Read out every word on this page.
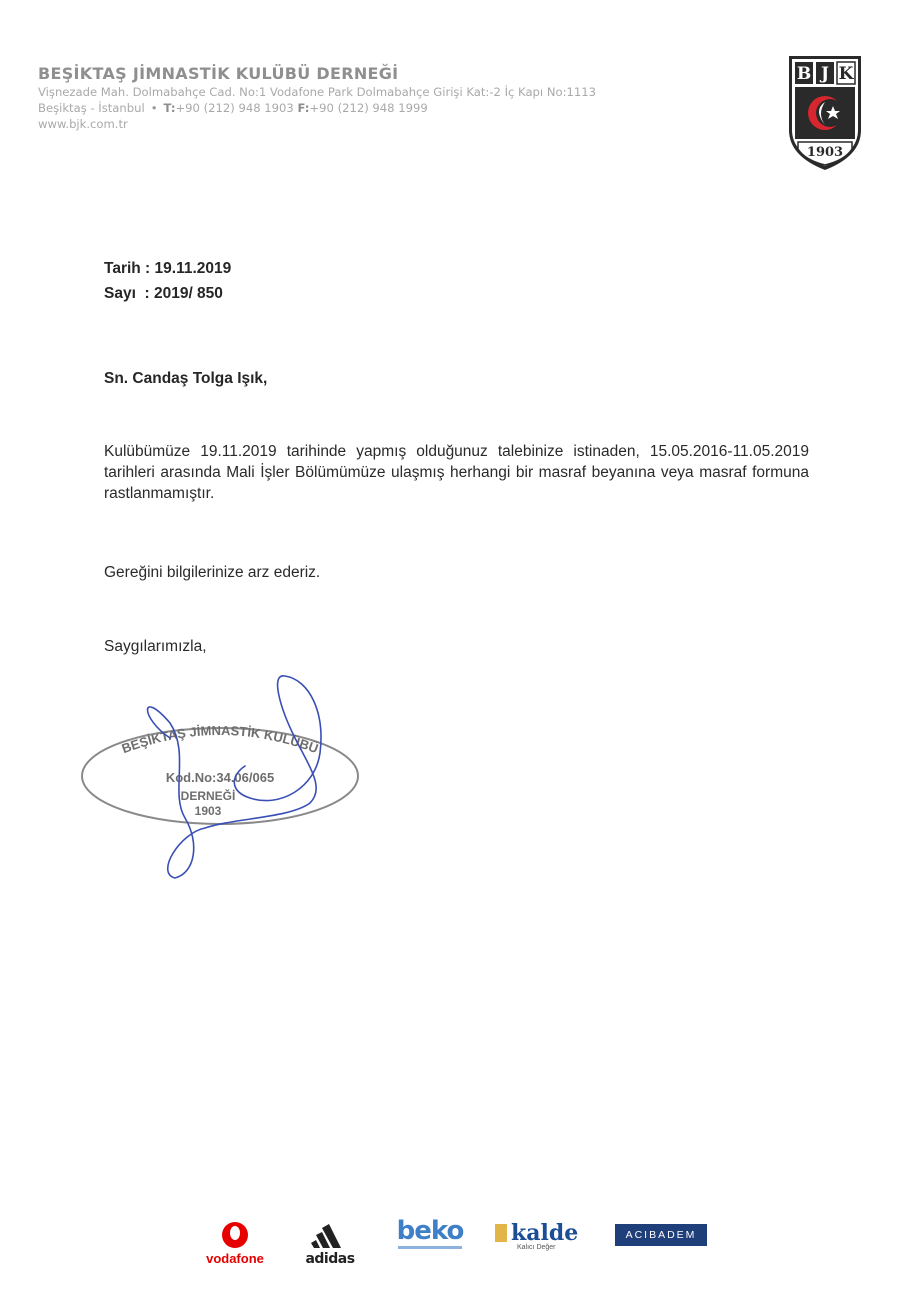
BEŞİKTAŞ JİMNASTİK KULÜBÜ DERNEĞİ
Vişnezade Mah. Dolmabahçe Cad. No:1 Vodafone Park Dolmabahçe Girişi Kat:-2 İç Kapı No:1113
Beşiktaş - İstanbul • T:+90 (212) 948 1903 F:+90 (212) 948 1999
www.bjk.com.tr
B J K
1903
Tarih : 19.11.2019
Sayı  : 2019/ 850
Sn. Candaş Tolga Işık,
Kulübümüze 19.11.2019 tarihinde yapmış olduğunuz talebinize istinaden, 15.05.2016-11.05.2019 tarihleri arasında Mali İşler Bölümümüze ulaşmış herhangi bir masraf beyanına veya masraf formuna rastlanmamıştır.
Gereğini bilgilerinize arz ederiz.
Saygılarımızla,
BEŞİKTAŞ JİMNASTİK KULÜBÜ
Kod.No:34.06/065
DERNEĞİ
1903
vodafone	adidas
beko	kalde
Kalıcı Değer
ACIBADEM
